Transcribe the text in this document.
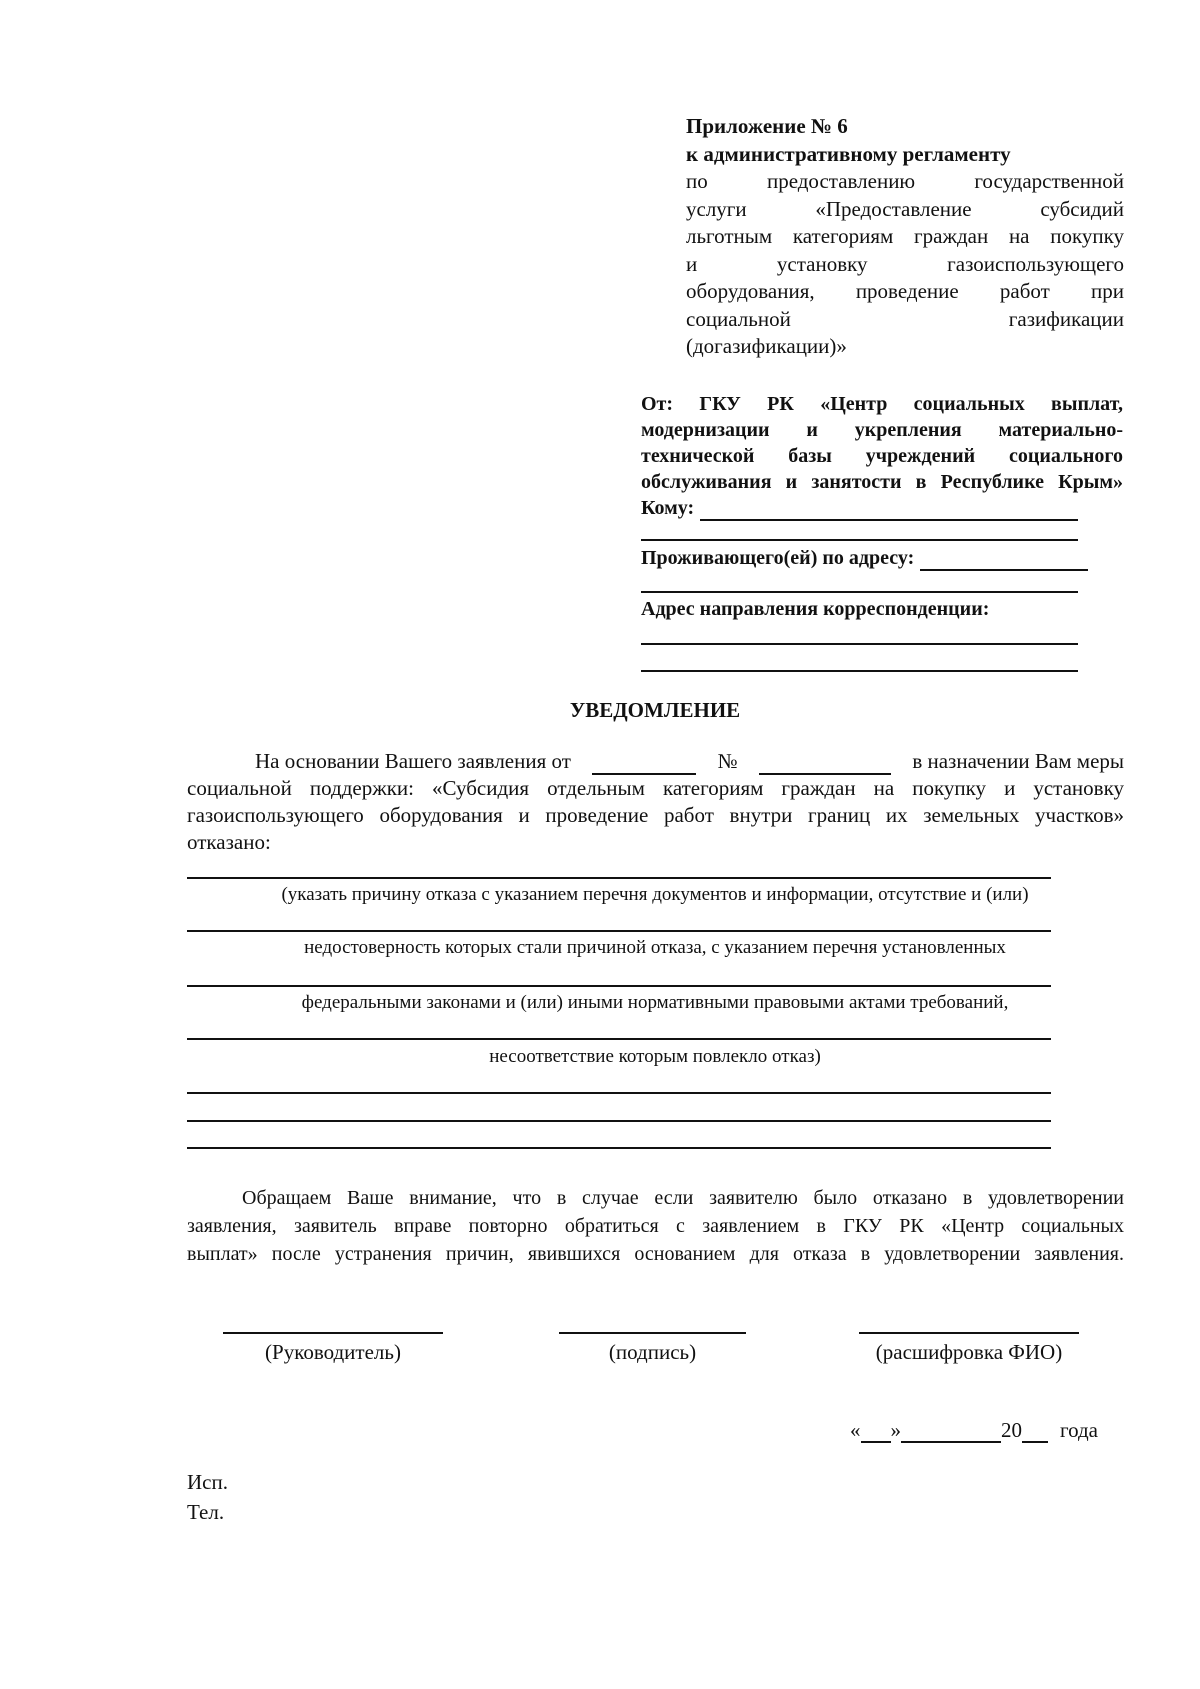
Приложение № 6
к административному регламенту
по предоставлению государственной
услуги «Предоставление субсидий
льготным категориям граждан на покупку
и установку газоиспользующего
оборудования, проведение работ при
социальной газификации
(догазификации)»
От: ГКУ РК «Центр социальных выплат,
модернизации и укрепления материально-
технической базы учреждений социального
обслуживания и занятости в Республике Крым»
Кому:
Проживающего(ей) по адресу:
Адрес направления корреспонденции:
УВЕДОМЛЕНИЕ
На основании Вашего заявления от	№	в назначении Вам меры
социальной поддержки: «Субсидия отдельным категориям граждан на покупку и установку
газоиспользующего оборудования и проведение работ внутри границ их земельных участков»
отказано:
(указать причину отказа с указанием перечня документов и информации, отсутствие и (или)
недостоверность которых стали причиной отказа, с указанием перечня установленных
федеральными законами и (или) иными нормативными правовыми актами требований,
несоответствие которым повлекло отказ)
Обращаем Ваше внимание, что в случае если заявителю было отказано в удовлетворении
заявления, заявитель вправе повторно обратиться с заявлением в ГКУ РК «Центр социальных
выплат» после устранения причин, явившихся основанием для отказа в удовлетворении заявления.
(Руководитель)	(подпись)	(расшифровка ФИО)
« »	20 года
Исп.
Тел.
